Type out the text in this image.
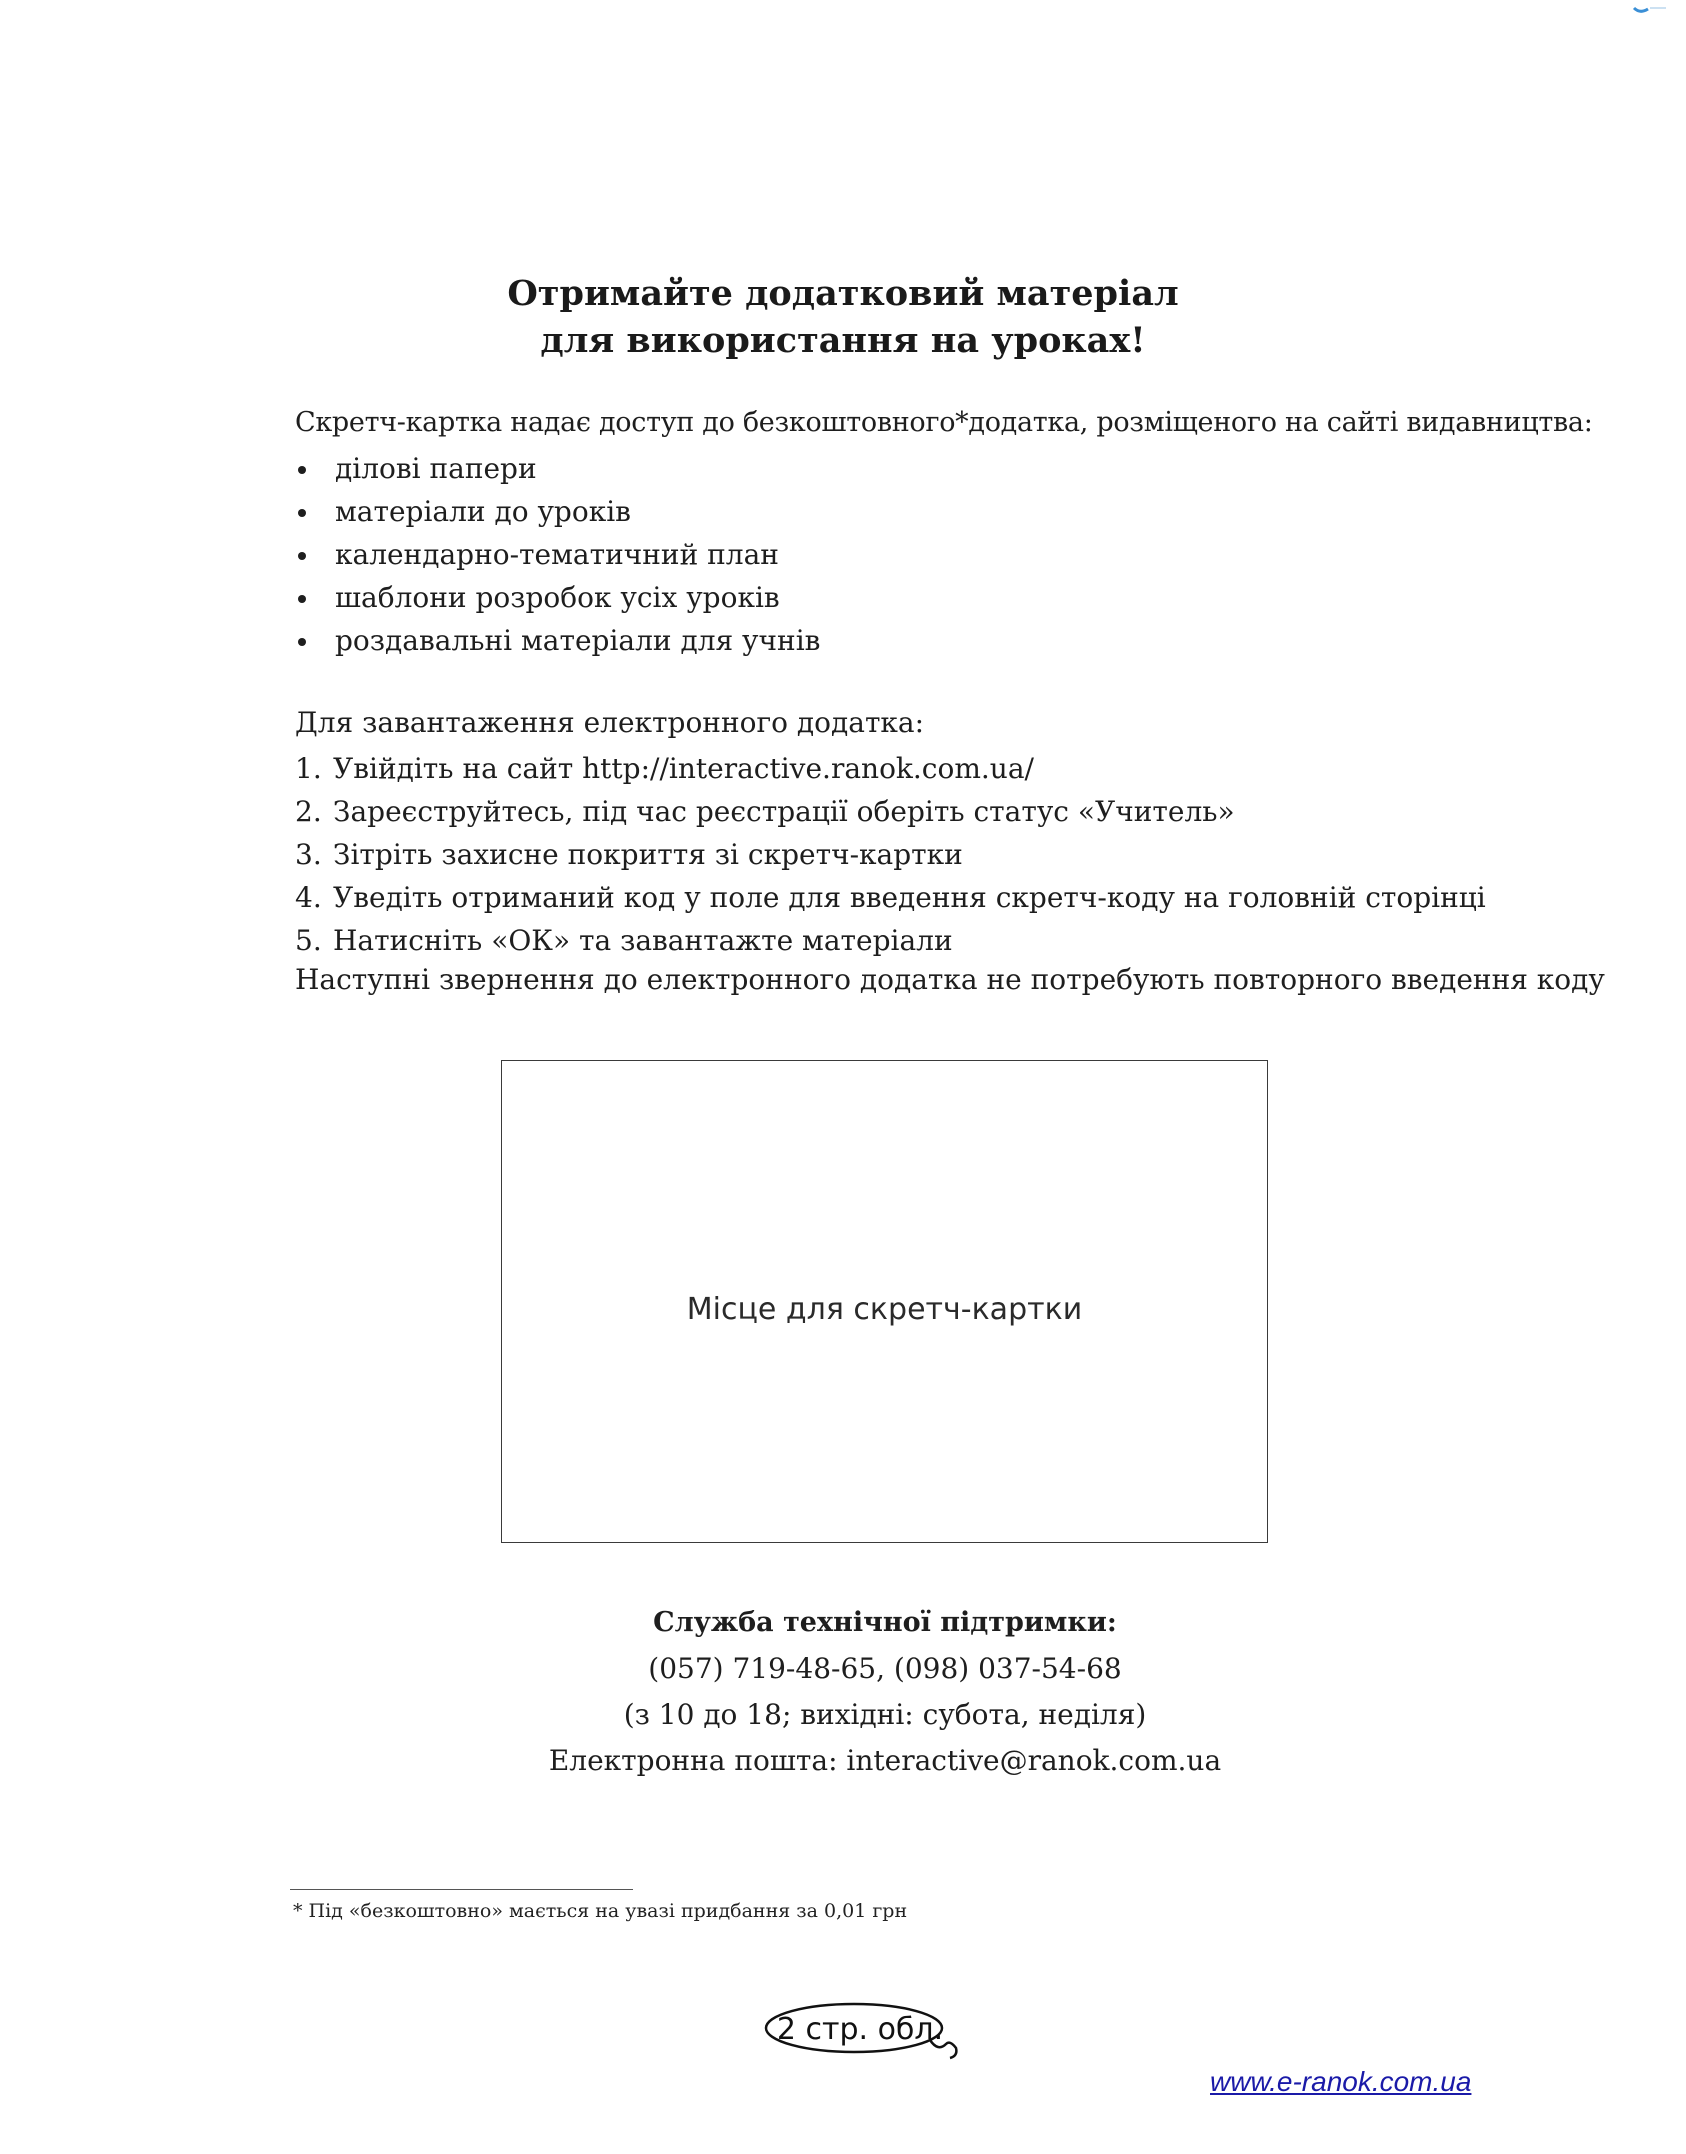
Отримайте додатковий матеріал
для використання на уроках!
Скретч-картка надає доступ до безкоштовного*додатка, розміщеного на сайті видавництва:
ділові папери
матеріали до уроків
календарно-тематичний план
шаблони розробок усіх уроків
роздавальні матеріали для учнів
Для завантаження електронного додатка:
1. Увійдіть на сайт http://interactive.ranok.com.ua/
2. Зареєструйтесь, під час реєстрації оберіть статус «Учитель»
3. Зітріть захисне покриття зі скретч-картки
4. Уведіть отриманий код у поле для введення скретч-коду на головній сторінці
5. Натисніть «ОК» та завантажте матеріали
Наступні звернення до електронного додатка не потребують повторного введення коду
Місце для скретч-картки
Служба технічної підтримки:
(057) 719-48-65, (098) 037-54-68
(з 10 до 18; вихідні: субота, неділя)
Електронна пошта: interactive@ranok.com.ua
* Під «безкоштовно» мається на увазі придбання за 0,01 грн
2 стр. обл.
www.e-ranok.com.ua
